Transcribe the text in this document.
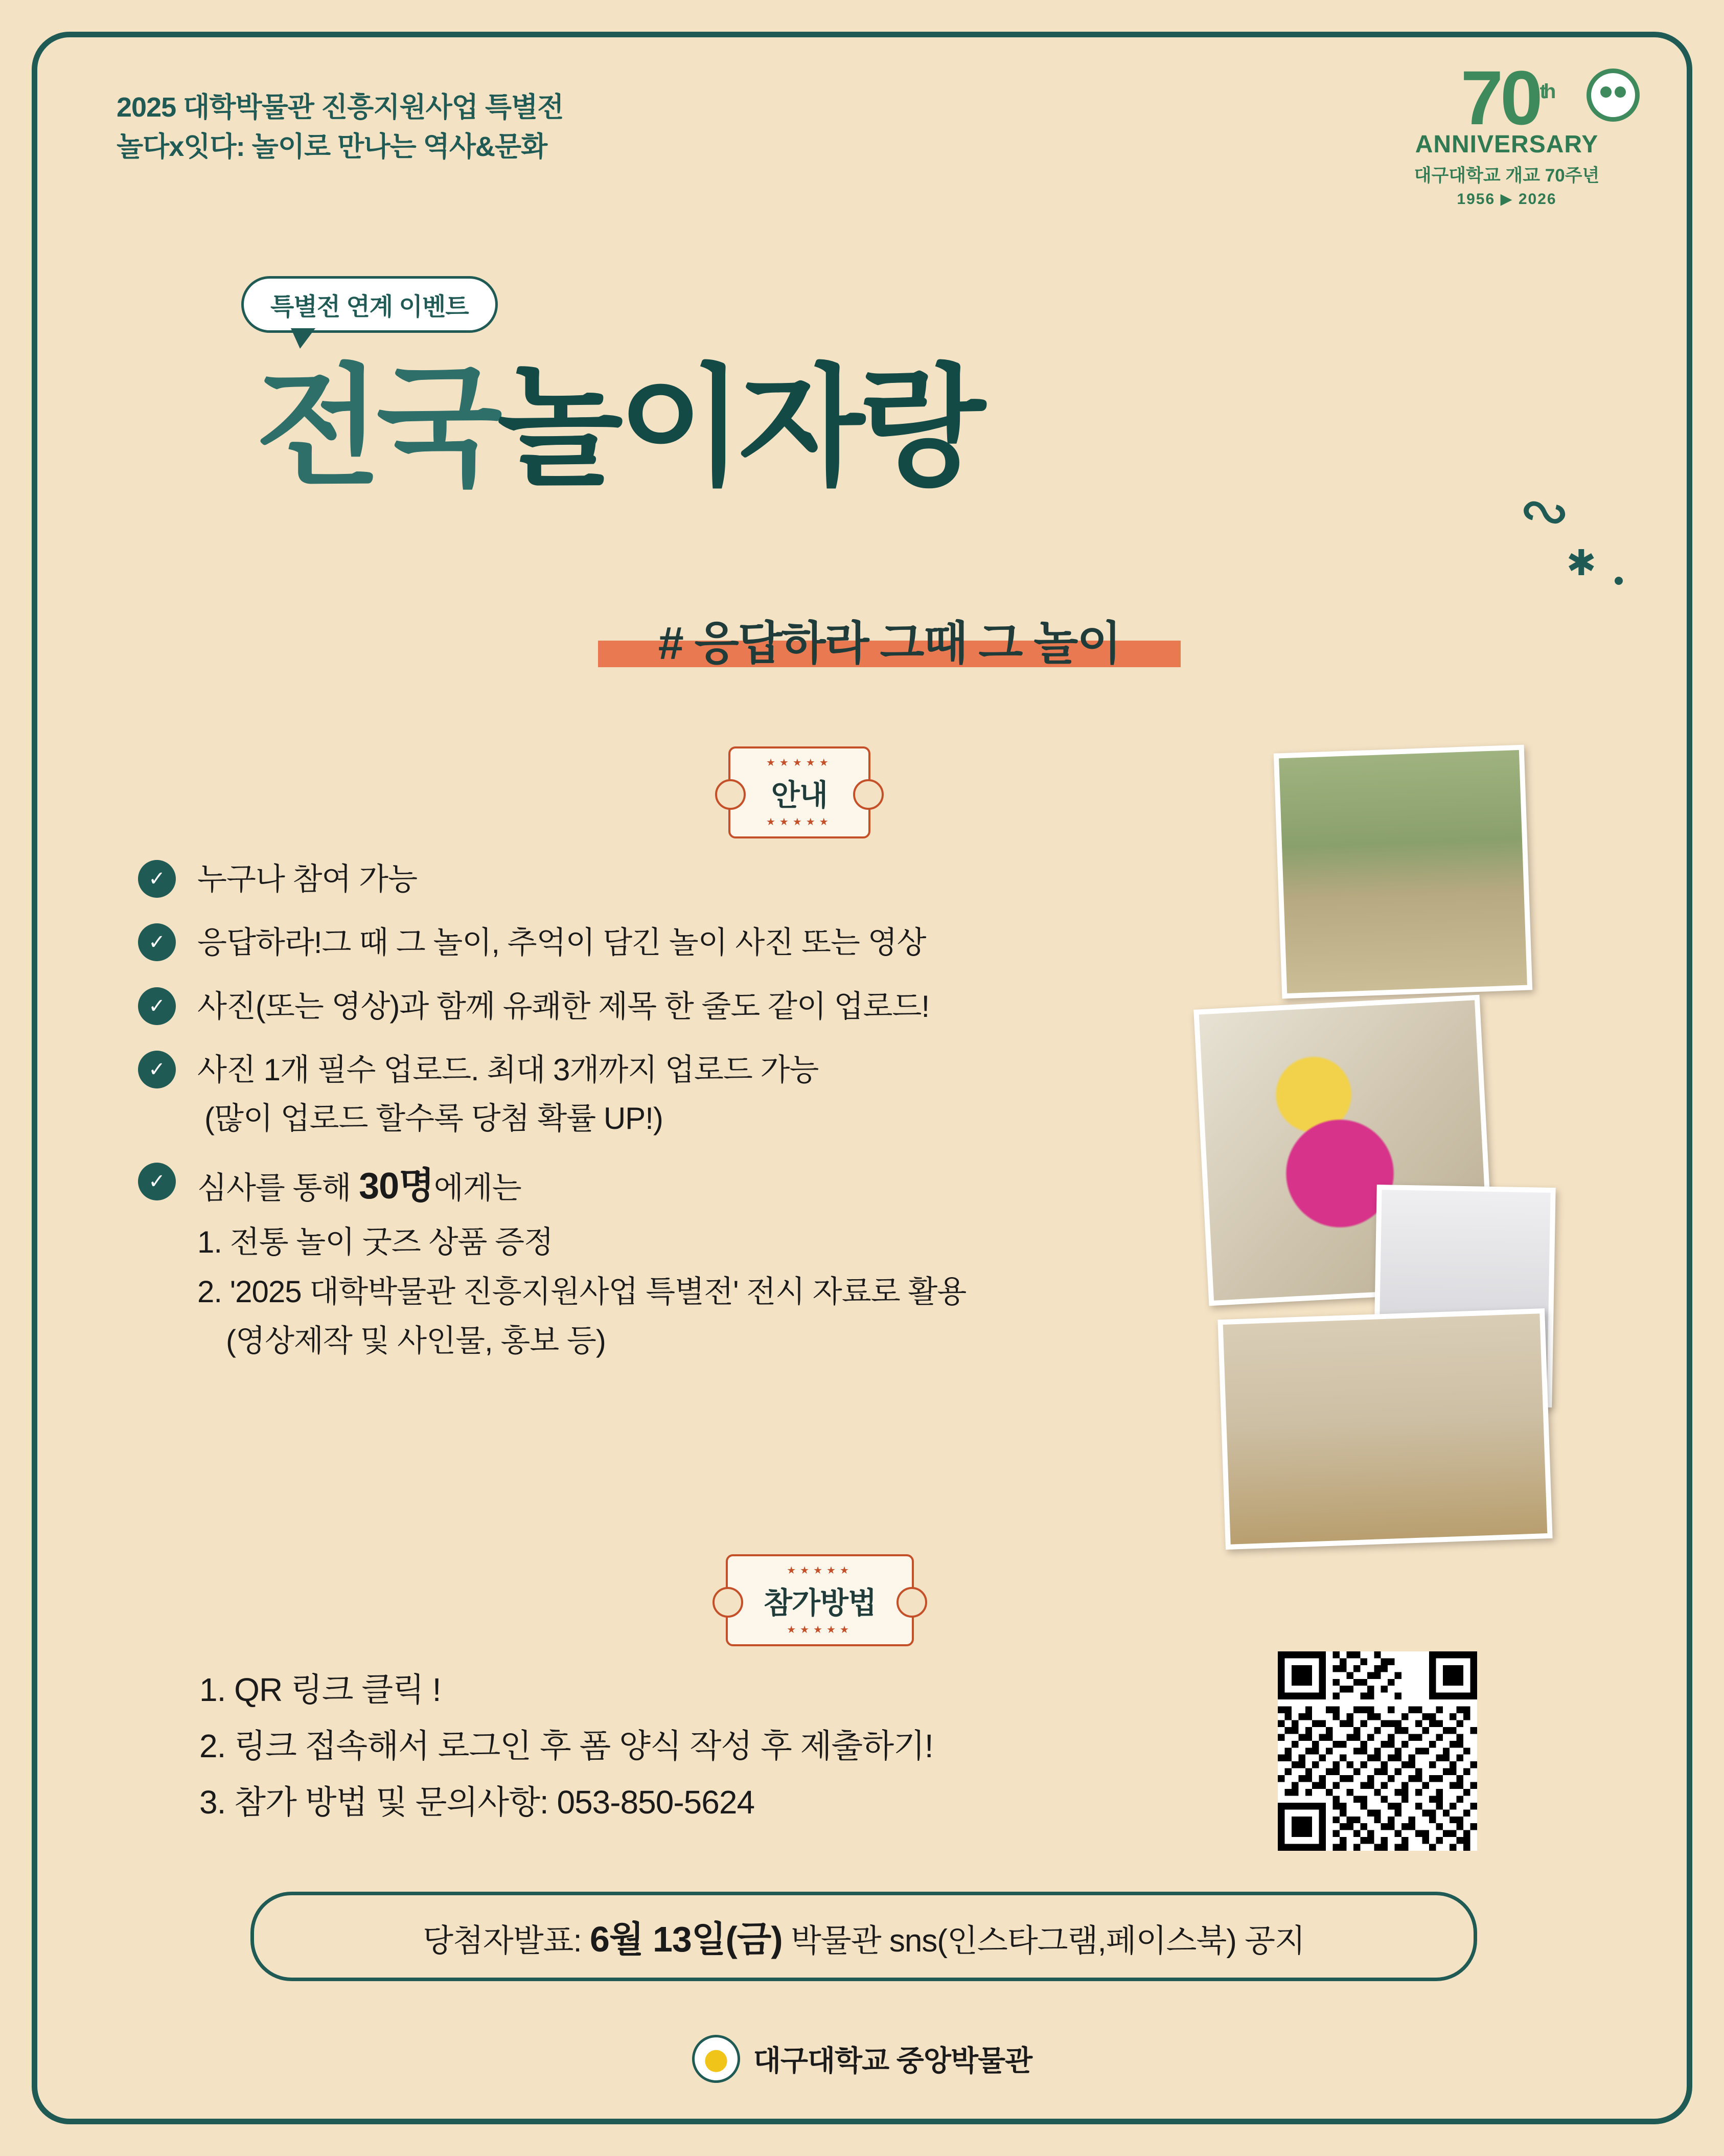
2025 대학박물관 진흥지원사업 특별전
놀다x잇다: 놀이로 만나는 역사&문화
70th
ANNIVERSARY
대구대학교 개교 70주년
1956 ▶ 2026
특별전 연계 이벤트
전국놀이자랑
∾
✱
# 응답하라 그때 그 놀이
★★★★★
안내
★★★★★
✓	누구나 참여 가능
✓	응답하라!그 때 그 놀이, 추억이 담긴 놀이 사진 또는 영상
✓	사진(또는 영상)과 함께 유쾌한 제목 한 줄도 같이 업로드!
✓	사진 1개 필수 업로드. 최대 3개까지 업로드 가능
(많이 업로드 할수록 당첨 확률 UP!)
✓	심사를 통해 30명에게는
1. 전통 놀이 굿즈 상품 증정
2. '2025 대학박물관 진흥지원사업 특별전' 전시 자료로 활용
(영상제작 및 사인물, 홍보 등)
★★★★★
참가방법
★★★★★
1. QR 링크 클릭 !
2. 링크 접속해서 로그인 후 폼 양식 작성 후 제출하기!
3. 참가 방법 및 문의사항: 053-850-5624
당첨자발표: 6월 13일(금) 박물관 sns(인스타그램,페이스북) 공지
대구대학교 중앙박물관
